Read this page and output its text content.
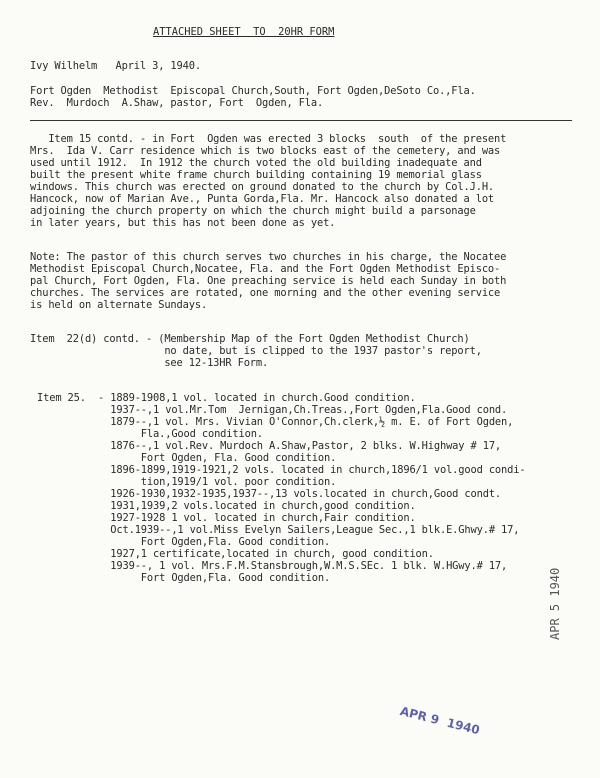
ATTACHED SHEET  TO  20HR FORM
Ivy Wilhelm   April 3, 1940.
Fort Ogden  Methodist  Episcopal Church,South, Fort Ogden,DeSoto Co.,Fla.
Rev.  Murdoch  A.Shaw, pastor, Fort  Ogden, Fla.
Item 15 contd. - in Fort  Ogden was erected 3 blocks  south  of the present
Mrs.  Ida V. Carr residence which is two blocks east of the cemetery, and was
used until 1912.  In 1912 the church voted the old building inadequate and
built the present white frame church building containing 19 memorial glass
windows. This church was erected on ground donated to the church by Col.J.H.
Hancock, now of Marian Ave., Punta Gorda,Fla. Mr. Hancock also donated a lot
adjoining the church property on which the church might build a parsonage
in later years, but this has not been done as yet.
Note: The pastor of this church serves two churches in his charge, the Nocatee
Methodist Episcopal Church,Nocatee, Fla. and the Fort Ogden Methodist Episco-
pal Church, Fort Ogden, Fla. One preaching service is held each Sunday in both
churches. The services are rotated, one morning and the other evening service
is held on alternate Sundays.
Item  22(d) contd. - (Membership Map of the Fort Ogden Methodist Church)
no date, but is clipped to the 1937 pastor's report,
see 12-13HR Form.
Item 25.  - 1889-1908,1 vol. located in church.Good condition.
1937--,1 vol.Mr.Tom  Jernigan,Ch.Treas.,Fort Ogden,Fla.Good cond.
1879--,1 vol. Mrs. Vivian O'Connor,Ch.clerk,½ m. E. of Fort Ogden,
Fla.,Good condition.
1876--,1 vol.Rev. Murdoch A.Shaw,Pastor, 2 blks. W.Highway # 17,
Fort Ogden, Fla. Good condition.
1896-1899,1919-1921,2 vols. located in church,1896/1 vol.good condi-
tion,1919/1 vol. poor condition.
1926-1930,1932-1935,1937--,13 vols.located in church,Good condt.
1931,1939,2 vols.located in church,good condition.
1927-1928 1 vol. located in church,Fair condition.
Oct.1939--,1 vol.Miss Evelyn Sailers,League Sec.,1 blk.E.Ghwy.# 17,
Fort Ogden,Fla. Good condition.
1927,1 certificate,located in church, good condition.
1939--, 1 vol. Mrs.F.M.Stansbrough,W.M.S.SEc. 1 blk. W.HGwy.# 17,
Fort Ogden,Fla. Good condition.	APR 5 1940
APR 9  1940
